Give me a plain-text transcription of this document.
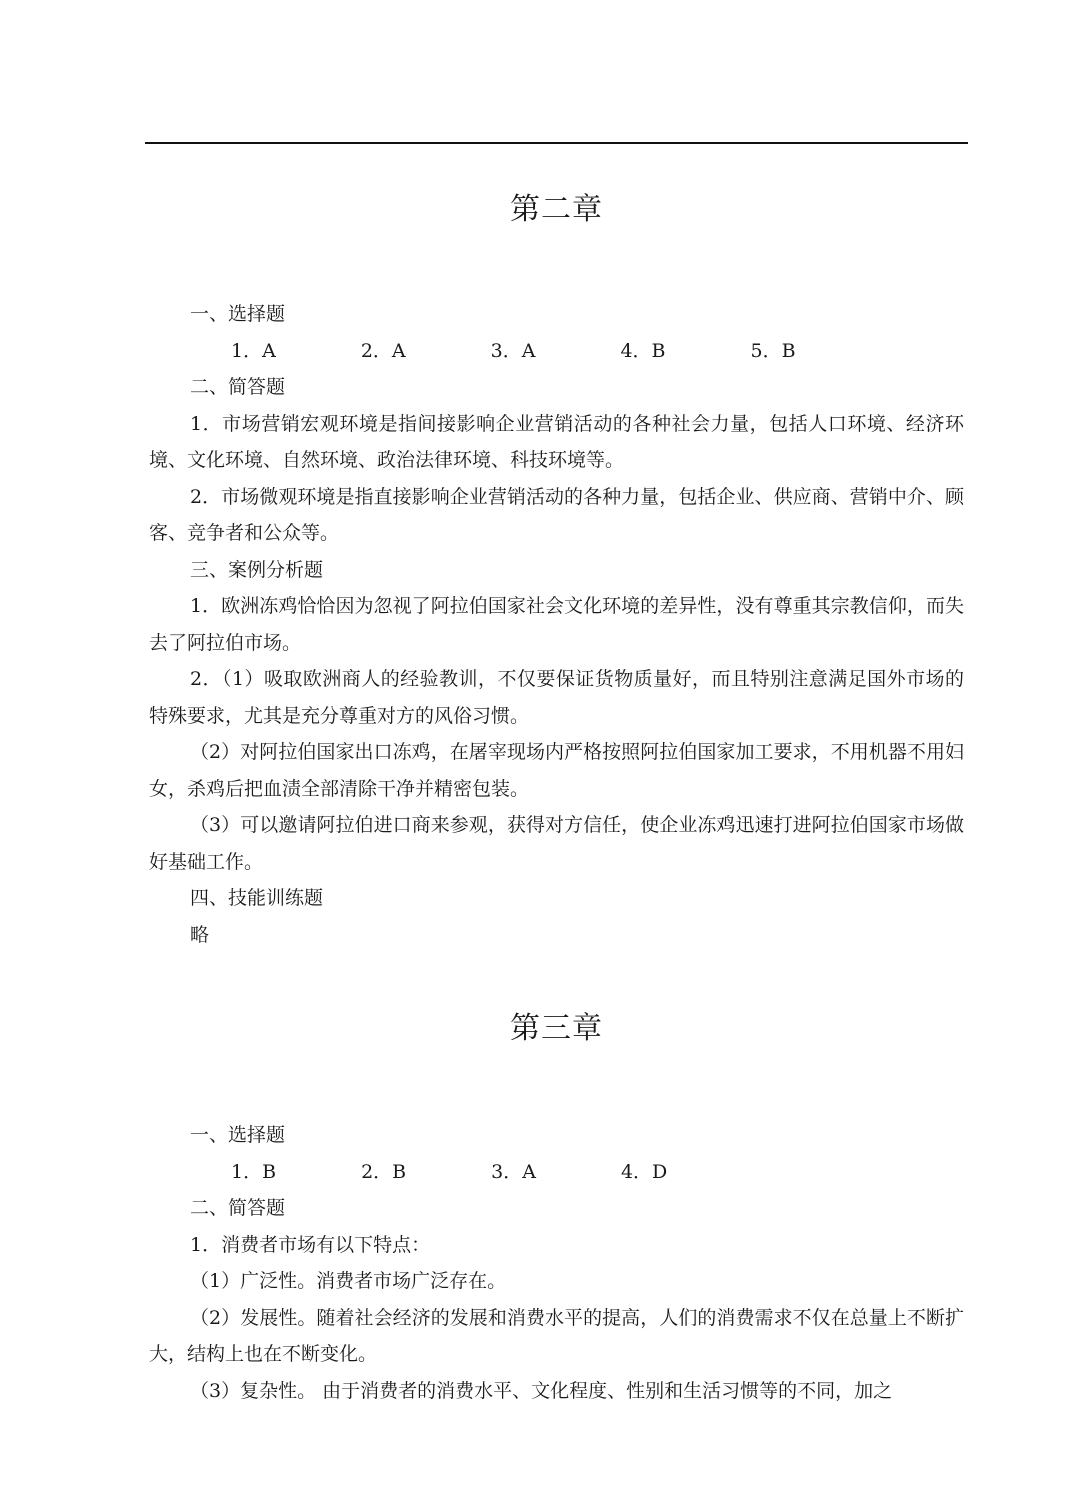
第二章

一、选择题

1．A	2．A	3．A	4．B	5．B

二、简答题

1．市场营销宏观环境是指间接影响企业营销活动的各种社会力量，包括人口环境、经济环境、文化环境、自然环境、政治法律环境、科技环境等。

2．市场微观环境是指直接影响企业营销活动的各种力量，包括企业、供应商、营销中介、顾客、竞争者和公众等。

三、案例分析题

1．欧洲冻鸡恰恰因为忽视了阿拉伯国家社会文化环境的差异性，没有尊重其宗教信仰，而失去了阿拉伯市场。

2．（1）吸取欧洲商人的经验教训，不仅要保证货物质量好，而且特别注意满足国外市场的特殊要求，尤其是充分尊重对方的风俗习惯。

（2）对阿拉伯国家出口冻鸡，在屠宰现场内严格按照阿拉伯国家加工要求，不用机器不用妇女，杀鸡后把血渍全部清除干净并精密包装。

（3）可以邀请阿拉伯进口商来参观，获得对方信任，使企业冻鸡迅速打进阿拉伯国家市场做好基础工作。

四、技能训练题

略

第三章

一、选择题

1．B	2．B	3．A	4．D

二、简答题

1．消费者市场有以下特点：

（1）广泛性。消费者市场广泛存在。

（2）发展性。随着社会经济的发展和消费水平的提高，人们的消费需求不仅在总量上不断扩大，结构上也在不断变化。

（3）复杂性。 由于消费者的消费水平、文化程度、性别和生活习惯等的不同，加之
